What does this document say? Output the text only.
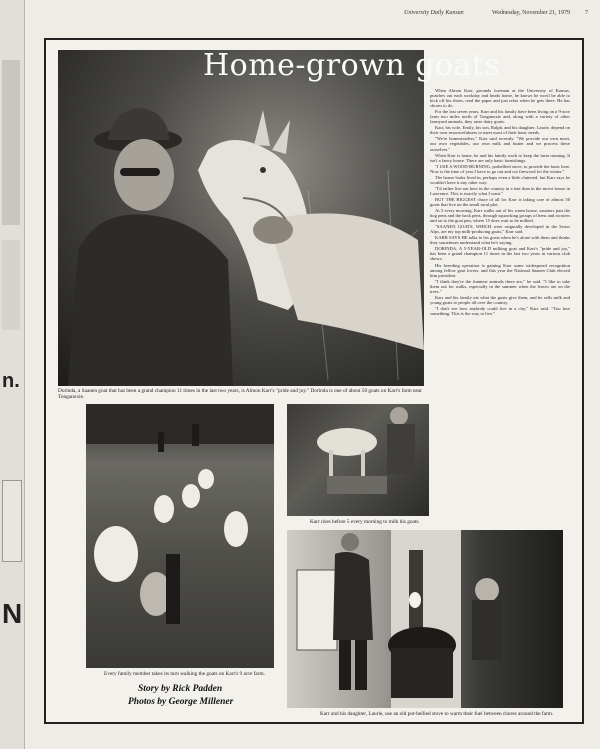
n.
N
University Daily Kansan	Wednesday, November 21, 1979	7
Home-grown goats
Dorinda, a Saanen goat that has been a grand champion 11 times in the last two years, is Almon Karr's "pride and joy." Dorinda is one of about 50 goats on Karr's farm near Tonganoxie.

When Almon Karr, grounds foreman at the University of Kansas, punches out each workday and heads home, he knows he won't be able to kick off his shoes, read the paper and just relax when he gets there. He has chores to do.

For the last seven years, Karr and his family have been living on a 9-acre farm two miles north of Tonganoxie and, along with a variety of other farmyard animals, they raise dairy goats.

Karr, his wife, Emily, his son, Ralph, and his daughter, Laurie, depend on their own resourcefulness to meet most of their basic needs.

"We're homesteaders," Karr said recently. "We provide our own meat, our own vegetables, our own milk and butter and we process these ourselves."

When Karr is home, he and his family work to keep the farm running. It isn't a fancy house. There are only basic furnishings.

"I USE A WOOD-BURNING, potbellied stove, to provide the basic heat. Now is the time of year I have to go out and cut firewood for the winter."

The house looks lived in, perhaps even a little cluttered, but Karr says he wouldn't have it any other way.

"I'd rather live out here in the country in a tent than in the nicest house in Lawrence. This is exactly what I want."

BUT THE BIGGEST chore of all for Karr is taking care of almost 50 goats that live on the small rural plot.

At 5 every morning, Karr walks out of his warm house, saunters past the hog pens and the back pens, through squawking groups of hens and roosters and on to the goat pen, where 15 does wait to be milked.

"SAANEN GOATS, WHICH were originally developed in the Swiss Alps, are my top milk-producing goats," Karr said.

KARR SAYS HE talks to his goats when he's alone with them and thinks they sometimes understand what he's saying.

DORINDA, A 5-YEAR-OLD milking goat and Karr's "pride and joy," has been a grand champion 11 times in the last two years in various club shows.

His breeding operation is gaining Karr some widespread recognition among fellow goat lovers, and this year the National Saanen Club elected him president.

"I think they're the funniest animals there are," he said. "I like to take them out for walks, especially in the summer when the leaves are on the trees."

Karr and his family eat what the goats give them, and he sells milk and young goats to people all over the country.

"I don't see how anybody could live in a city," Karr said. "You lose something. This is the way to live."

Every family member takes its turn walking the goats on Karr's 9 acre farm.
Story by Rick Padden
Photos by George Millener
Karr rises before 5 every morning to milk his goats.
Karr and his daughter, Laurie, use an old pot-bellied stove to warm their fuel between chores around the farm.
